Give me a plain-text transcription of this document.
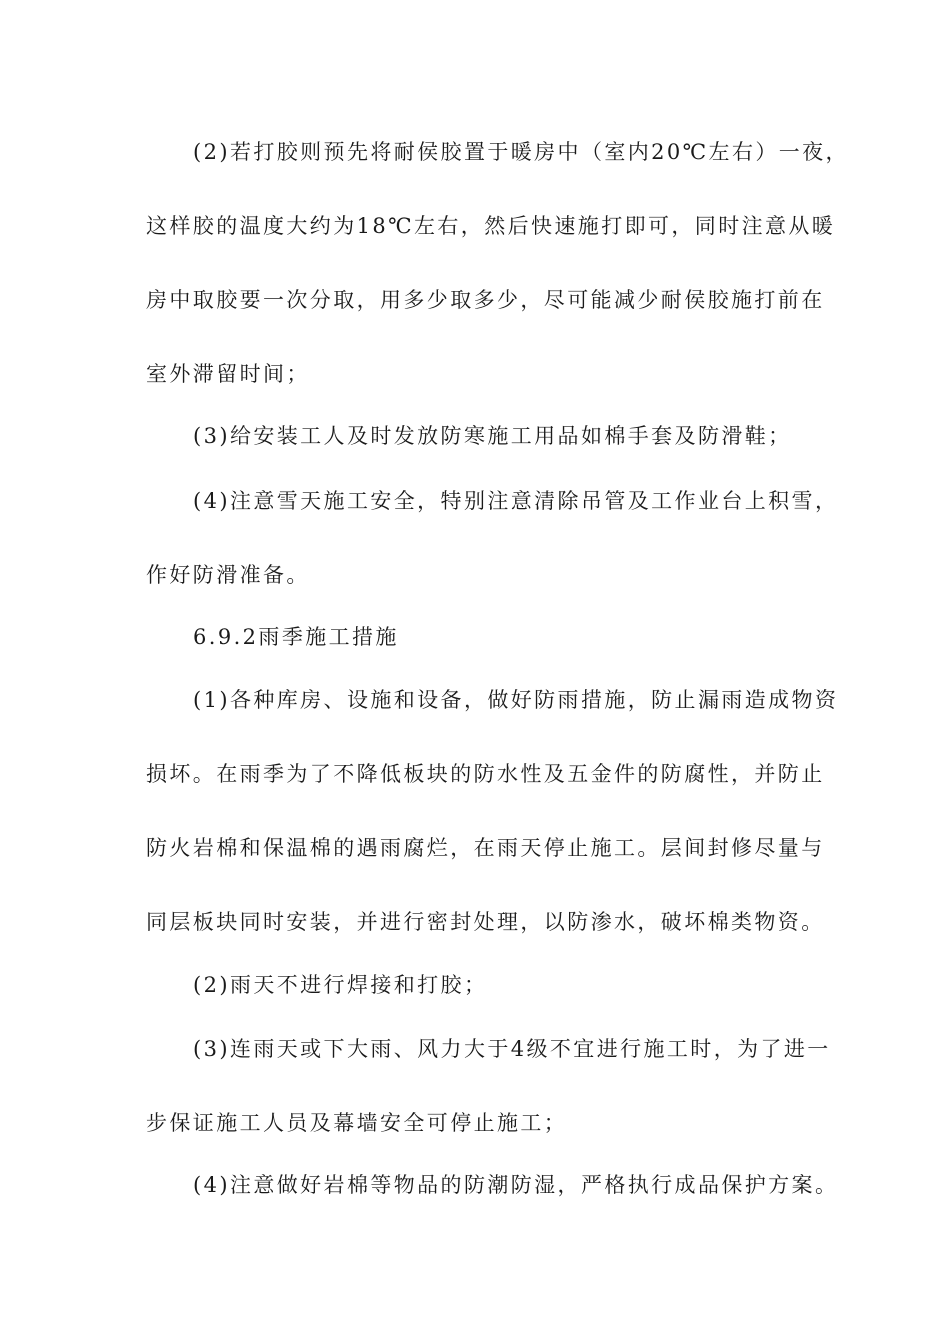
(2)若打胶则预先将耐侯胶置于暖房中（室内20℃左右）一夜，
这样胶的温度大约为18℃左右，然后快速施打即可，同时注意从暖
房中取胶要一次分取，用多少取多少，尽可能减少耐侯胶施打前在
室外滞留时间；
(3)给安装工人及时发放防寒施工用品如棉手套及防滑鞋；
(4)注意雪天施工安全，特别注意清除吊管及工作业台上积雪，
作好防滑准备。
6.9.2雨季施工措施
(1)各种库房、设施和设备，做好防雨措施，防止漏雨造成物资
损坏。在雨季为了不降低板块的防水性及五金件的防腐性，并防止
防火岩棉和保温棉的遇雨腐烂，在雨天停止施工。层间封修尽量与
同层板块同时安装，并进行密封处理，以防渗水，破坏棉类物资。
(2)雨天不进行焊接和打胶；
(3)连雨天或下大雨、风力大于4级不宜进行施工时，为了进一
步保证施工人员及幕墙安全可停止施工；
(4)注意做好岩棉等物品的防潮防湿，严格执行成品保护方案。
